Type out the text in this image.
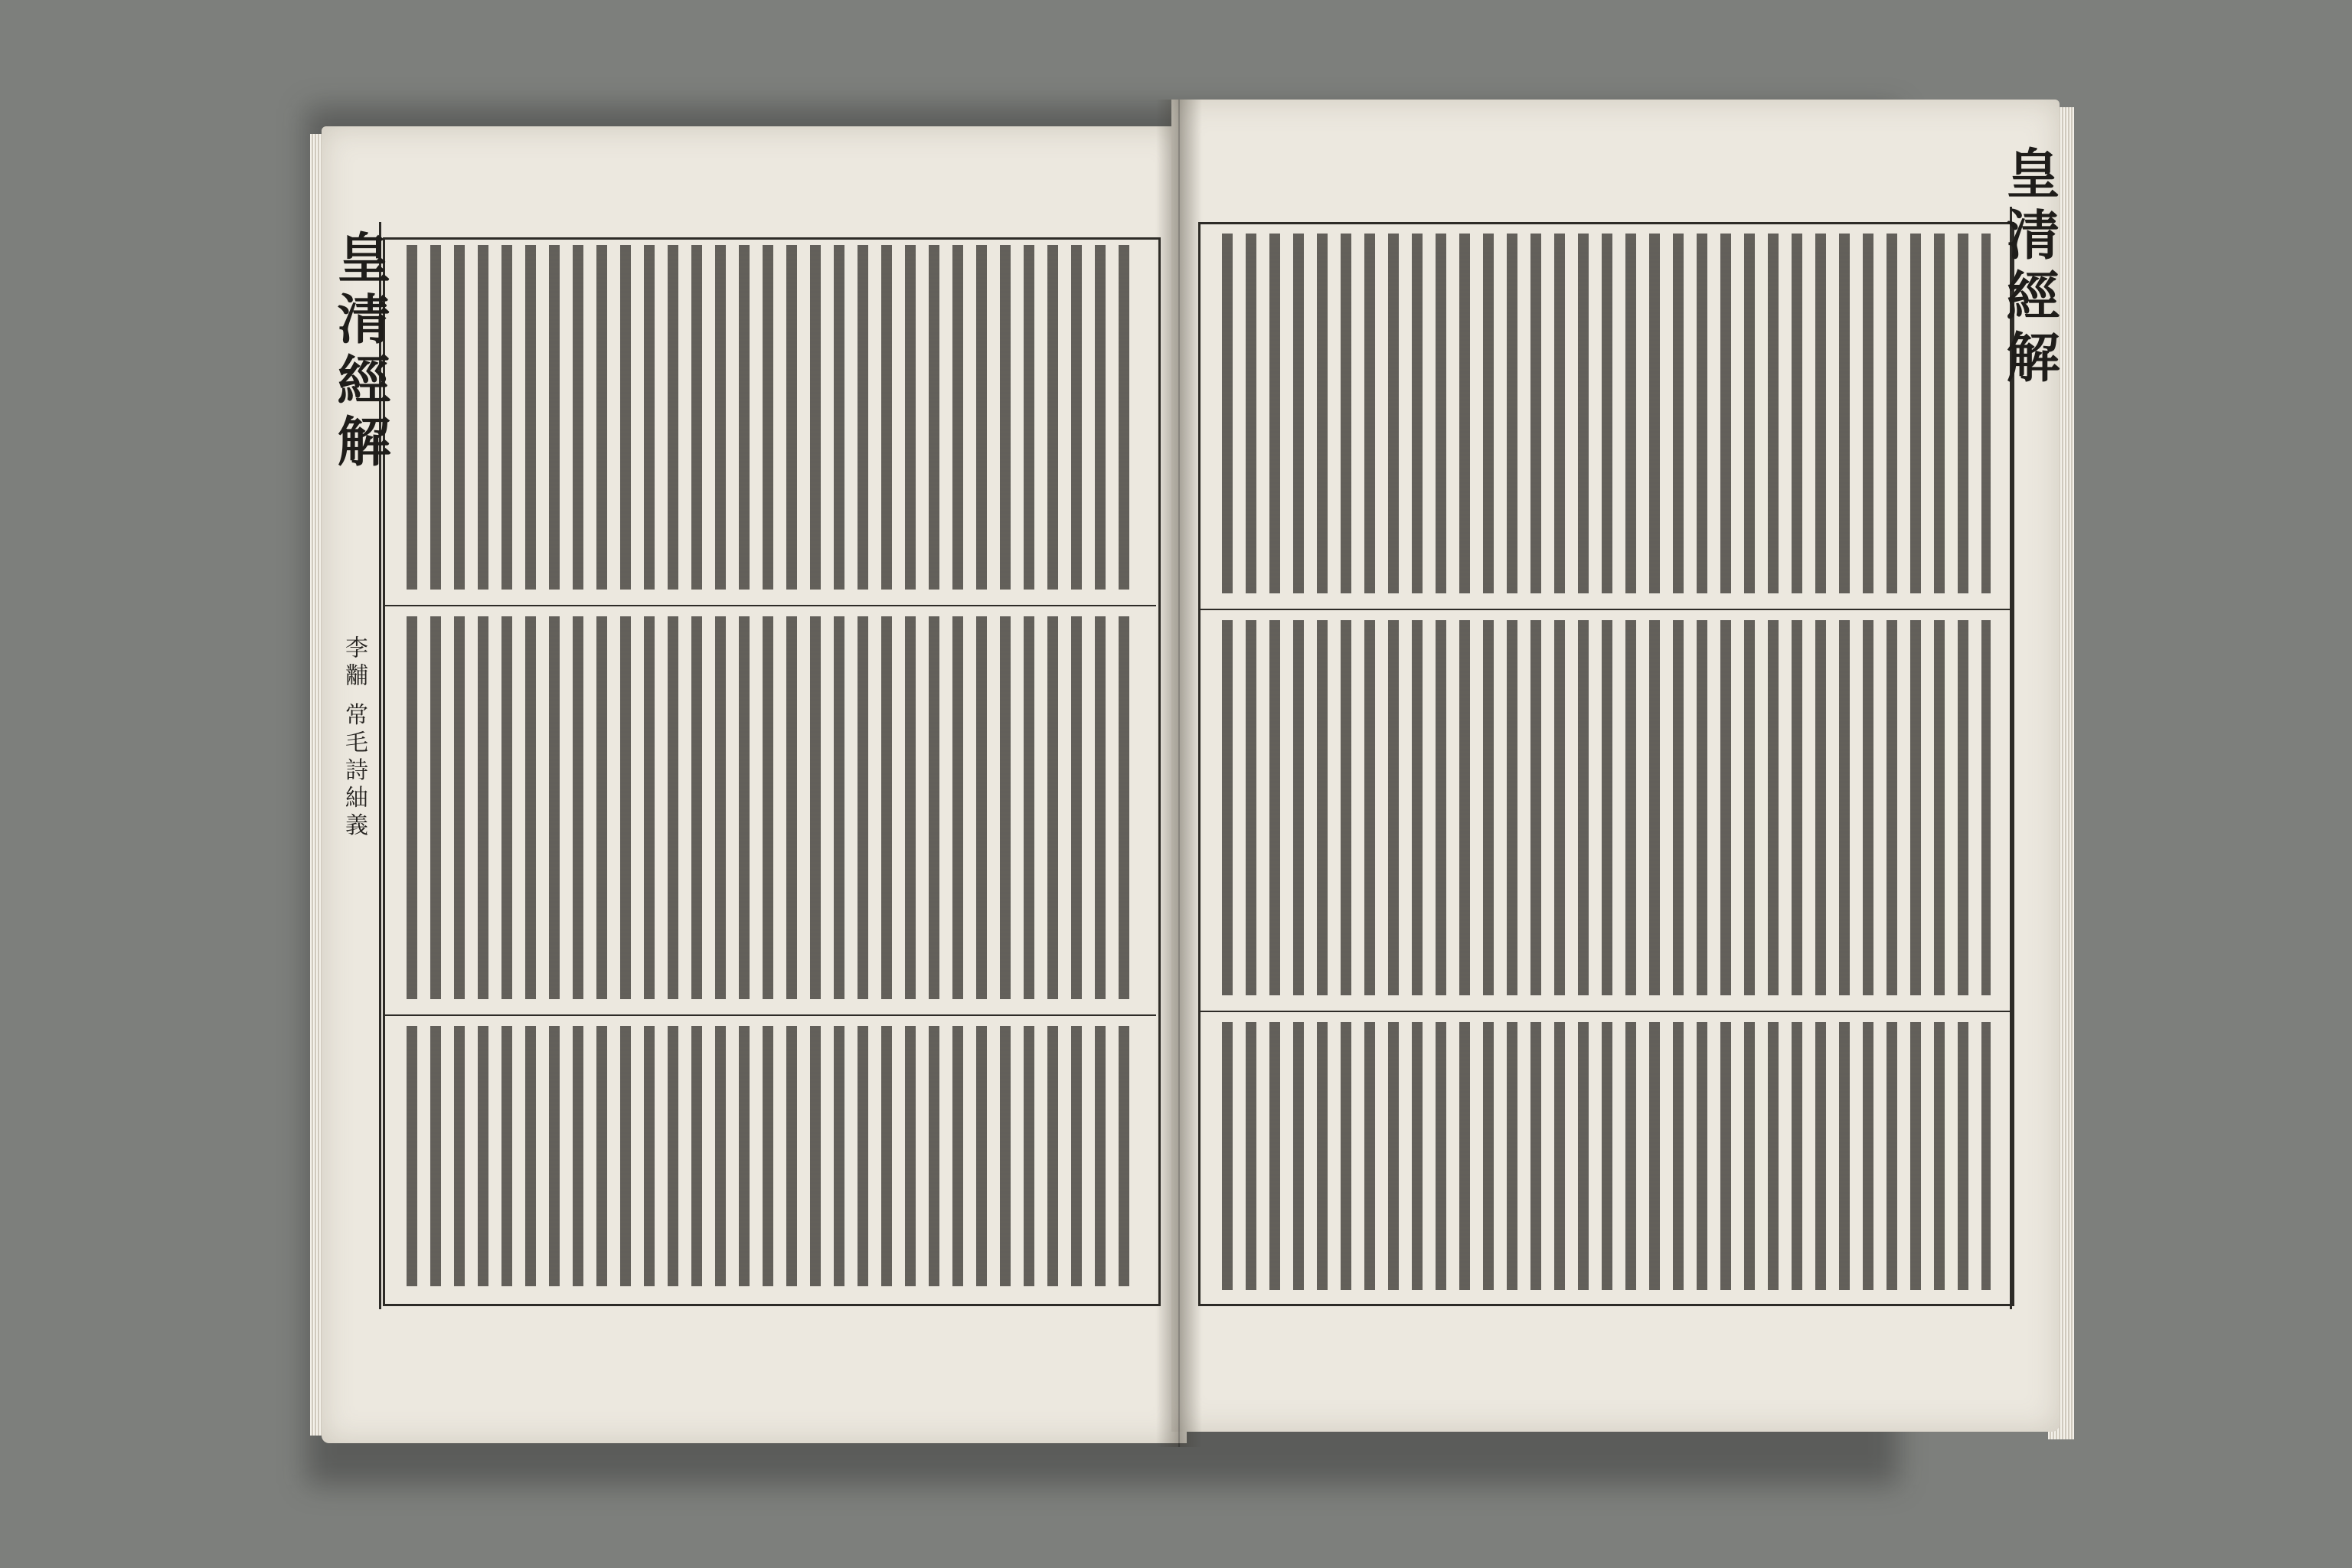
皇清經解
李黼 常毛詩紬義
皇清經解
